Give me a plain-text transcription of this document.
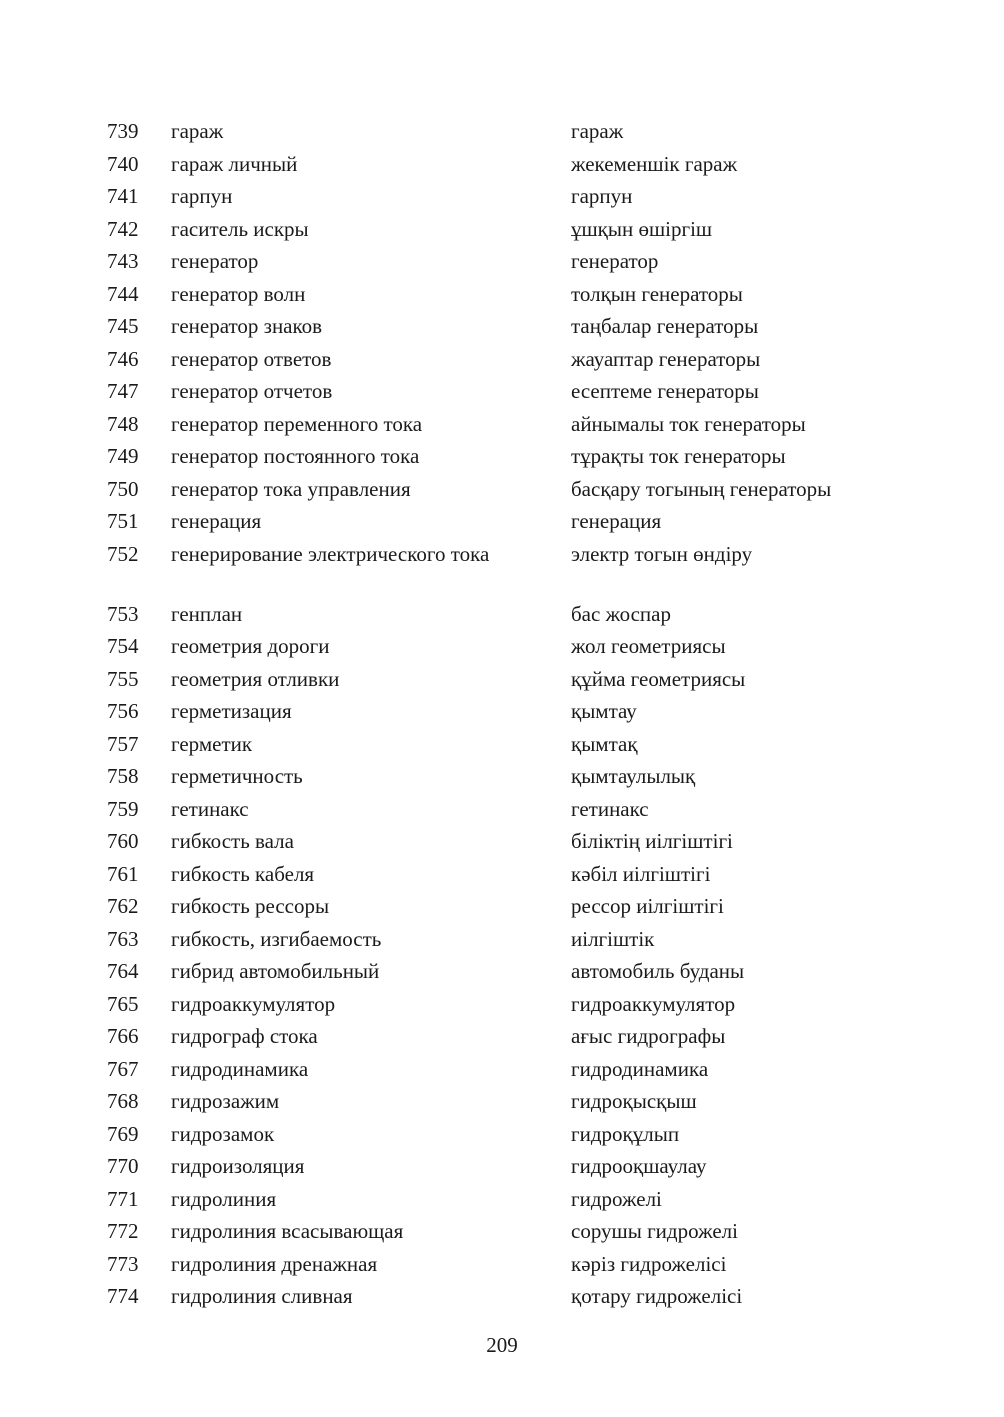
739	гараж	гараж
740	гараж личный	жекеменшік гараж
741	гарпун	гарпун
742	гаситель искры	ұшқын өшіргіш
743	генератор	генератор
744	генератор волн	толқын генераторы
745	генератор знаков	таңбалар генераторы
746	генератор ответов	жауаптар генераторы
747	генератор отчетов	есептеме генераторы
748	генератор переменного тока	айнымалы ток генераторы
749	генератор постоянного тока	тұрақты ток генераторы
750	генератор тока управления	басқару тогының генераторы
751	генерация	генерация
752	генерирование электрического тока	электр тогын өндіру
753	генплан	бас жоспар
754	геометрия дороги	жол геометриясы
755	геометрия отливки	құйма геометриясы
756	герметизация	қымтау
757	герметик	қымтақ
758	герметичность	қымтаулылық
759	гетинакс	гетинакс
760	гибкость вала	біліктің иілгіштігі
761	гибкость кабеля	кәбіл иілгіштігі
762	гибкость рессоры	рессор иілгіштігі
763	гибкость, изгибаемость	иілгіштік
764	гибрид автомобильный	автомобиль буданы
765	гидроаккумулятор	гидроаккумулятор
766	гидрограф стока	ағыс гидрографы
767	гидродинамика	гидродинамика
768	гидрозажим	гидроқысқыш
769	гидрозамок	гидроқұлып
770	гидроизоляция	гидрооқшаулау
771	гидролиния	гидрожелі
772	гидролиния всасывающая	сорушы гидрожелі
773	гидролиния дренажная	кәріз гидрожелісі
774	гидролиния сливная	қотару гидрожелісі
209
